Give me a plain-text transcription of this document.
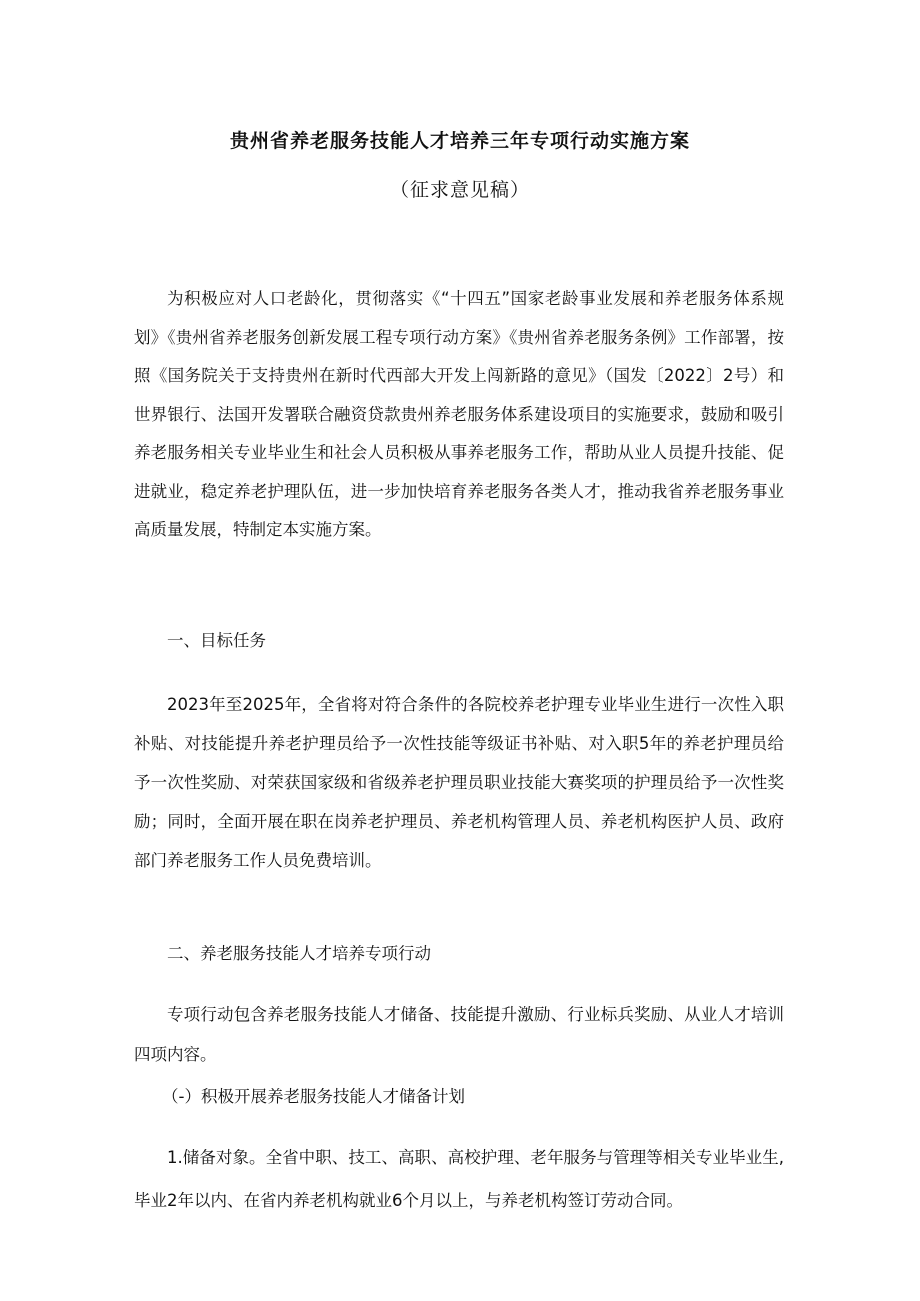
贵州省养老服务技能人才培养三年专项行动实施方案
（征求意见稿）

为积极应对人口老龄化，贯彻落实《“十四五”国家老龄事业发展和养老服务体系规划》《贵州省养老服务创新发展工程专项行动方案》《贵州省养老服务条例》工作部署，按照《国务院关于支持贵州在新时代西部大开发上闯新路的意见》（国发〔2022〕2号）和世界银行、法国开发署联合融资贷款贵州养老服务体系建设项目的实施要求，鼓励和吸引养老服务相关专业毕业生和社会人员积极从事养老服务工作，帮助从业人员提升技能、促进就业，稳定养老护理队伍，进一步加快培育养老服务各类人才，推动我省养老服务事业高质量发展，特制定本实施方案。

一、目标任务

2023年至2025年，全省将对符合条件的各院校养老护理专业毕业生进行一次性入职补贴、对技能提升养老护理员给予一次性技能等级证书补贴、对入职5年的养老护理员给予一次性奖励、对荣获国家级和省级养老护理员职业技能大赛奖项的护理员给予一次性奖励；同时，全面开展在职在岗养老护理员、养老机构管理人员、养老机构医护人员、政府部门养老服务工作人员免费培训。

二、养老服务技能人才培养专项行动

专项行动包含养老服务技能人才储备、技能提升激励、行业标兵奖励、从业人才培训四项内容。

（-）积极开展养老服务技能人才储备计划

1.储备对象。全省中职、技工、高职、高校护理、老年服务与管理等相关专业毕业生,毕业2年以内、在省内养老机构就业6个月以上，与养老机构签订劳动合同。
